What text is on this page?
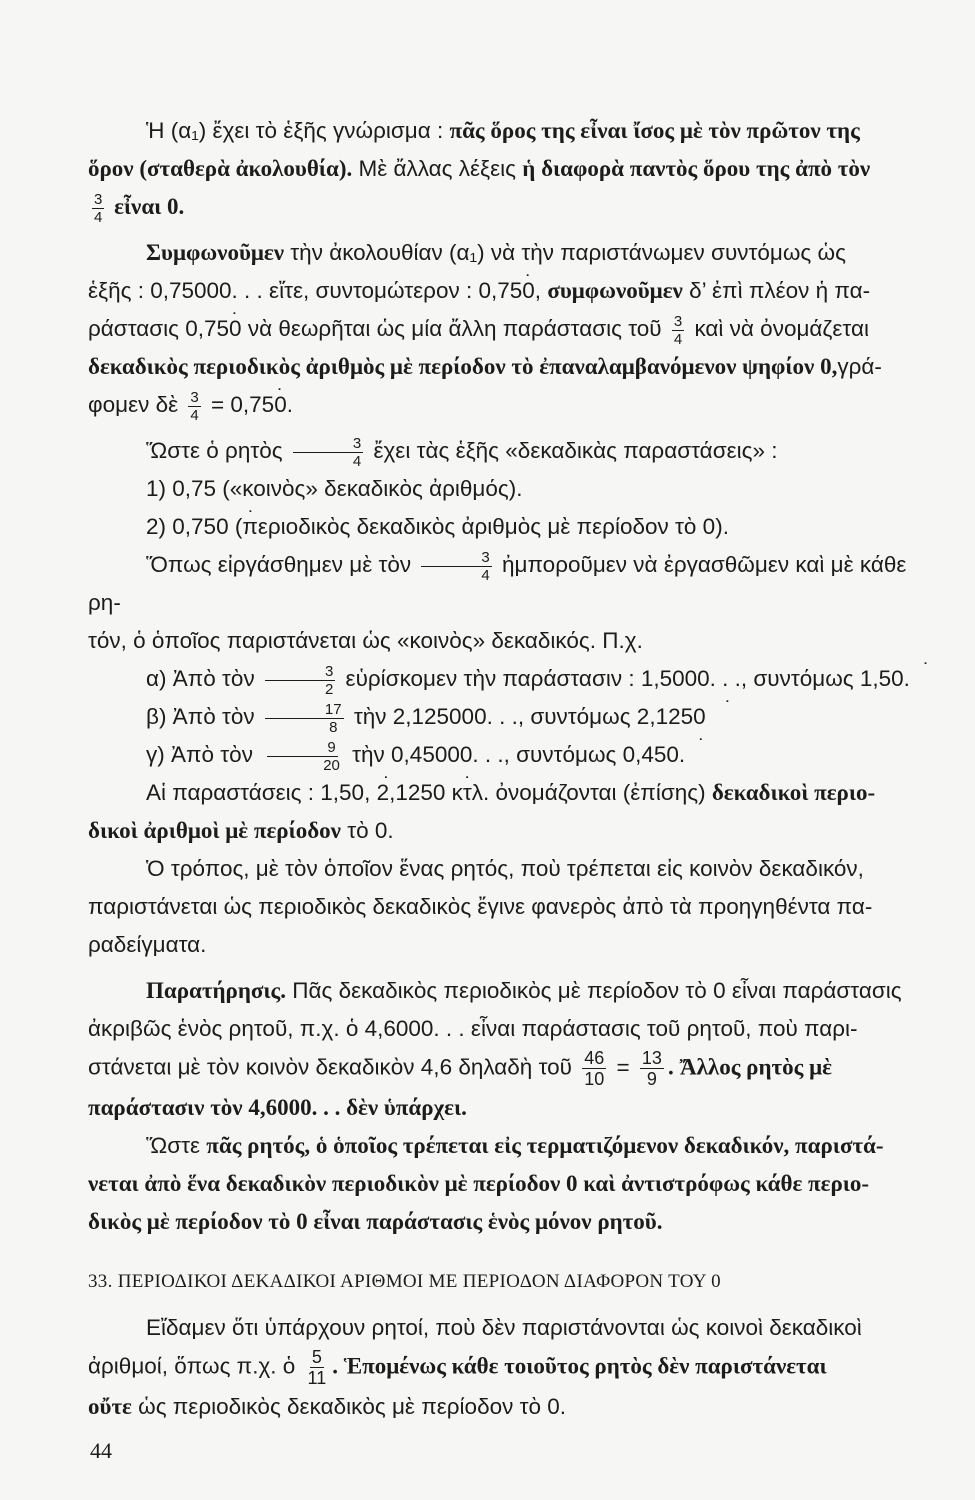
Ἡ (α₁) ἔχει τὸ ἑξῆς γνώρισμα : πᾶς ὅρος της εἶναι ἴσος μὲ τὸν πρῶτον της

ὅρον (σταθερὰ ἀκολουθία). Μὲ ἄλλας λέξεις ἡ διαφορὰ παντὸς ὅρου της ἀπὸ τὸν

$\frac{3}{4}$ εἶναι 0.

Συμφωνοῦμεν τὴν ἀκολουθίαν (α₁) νὰ τὴν παριστάνωμεν συντόμως ὡς

ἑξῆς : 0,75000. . . εἴτε, συντομώτερον : 0,750 ˙, συμφωνοῦμεν δ’ ἐπὶ πλέον ἡ πα-

ράστασις 0,750 ˙ νὰ θεωρῆται ὡς μία ἄλλη παράστασις τοῦ $\frac{3}{4}$ καὶ νὰ ὀνομάζεται

δεκαδικὸς περιοδικὸς ἀριθμὸς μὲ περίοδον τὸ ἐπαναλαμβανόμενον ψηφίον 0,γρά-

φομεν δὲ $\frac{3}{4} = 0,750$ ˙.

Ὥστε ὁ ρητὸς $\frac{3}{4}$ ἔχει τὰς ἑξῆς «δεκαδικὰς παραστάσεις» :

1) 0,75 («κοινὸς» δεκαδικὸς ἀριθμός).

2) 0,750 ˙ (περιοδικὸς δεκαδικὸς ἀριθμὸς μὲ περίοδον τὸ 0).

Ὅπως εἰργάσθημεν μὲ τὸν $\frac{3}{4}$ ἠμποροῦμεν νὰ ἐργασθῶμεν καὶ μὲ κάθε ρη-

τόν, ὁ ὁποῖος παριστάνεται ὡς «κοινὸς» δεκαδικός. Π.χ.

α) Ἀπὸ τὸν $\frac{3}{2}$ εὑρίσκομεν τὴν παράστασιν : 1,5000. . ., συντόμως 1,50 ˙.

β) Ἀπὸ τὸν $\frac{17}{8}$ τὴν 2,125000. . ., συντόμως 2,1250 ˙

γ) Ἀπὸ τὸν $\frac{9}{20}$ τὴν 0,45000. . ., συντόμως 0,450 ˙.

Αἱ παραστάσεις : 1,50 ˙, 2,1250 ˙ κτλ. ὀνομάζονται (ἐπίσης) δεκαδικοὶ περιο-

δικοὶ ἀριθμοὶ μὲ περίοδον τὸ 0.

Ὁ τρόπος, μὲ τὸν ὁποῖον ἕνας ρητός, ποὺ τρέπεται εἰς κοινὸν δεκαδικόν,

παριστάνεται ὡς περιοδικὸς δεκαδικὸς ἔγινε φανερὸς ἀπὸ τὰ προηγηθέντα πα-

ραδείγματα.

Παρατήρησις. Πᾶς δεκαδικὸς περιοδικὸς μὲ περίοδον τὸ 0 εἶναι παράστασις

ἀκριβῶς ἑνὸς ρητοῦ, π.χ. ὁ 4,6000. . . εἶναι παράστασις τοῦ ρητοῦ, ποὺ παρι-

στάνεται μὲ τὸν κοινὸν δεκαδικὸν 4,6 δηλαδὴ τοῦ $\frac{46}{10} = \frac{13}{9}$ . Ἄλλος ρητὸς μὲ

παράστασιν τὸν 4,6000. . . δὲν ὑπάρχει.

Ὥστε πᾶς ρητός, ὁ ὁποῖος τρέπεται εἰς τερματιζόμενον δεκαδικόν, παριστά-

νεται ἀπὸ ἕνα δεκαδικὸν περιοδικὸν μὲ περίοδον 0 καὶ ἀντιστρόφως κάθε περιο-

δικὸς μὲ περίοδον τὸ 0 εἶναι παράστασις ἑνὸς μόνον ρητοῦ.

33. ΠΕΡΙΟΔΙΚΟΙ ΔΕΚΑΔΙΚΟΙ ΑΡΙΘΜΟΙ ΜΕ ΠΕΡΙΟΔΟΝ ΔΙΑΦΟΡΟΝ ΤΟΥ 0

Εἴδαμεν ὅτι ὑπάρχουν ρητοί, ποὺ δὲν παριστάνονται ὡς κοινοὶ δεκαδικοὶ

ἀριθμοί, ὅπως π.χ. ὁ $\frac{5}{11}$ . Ἑπομένως κάθε τοιοῦτος ρητὸς δὲν παριστάνεται

οὔτε ὡς περιοδικὸς δεκαδικὸς μὲ περίοδον τὸ 0.

44
